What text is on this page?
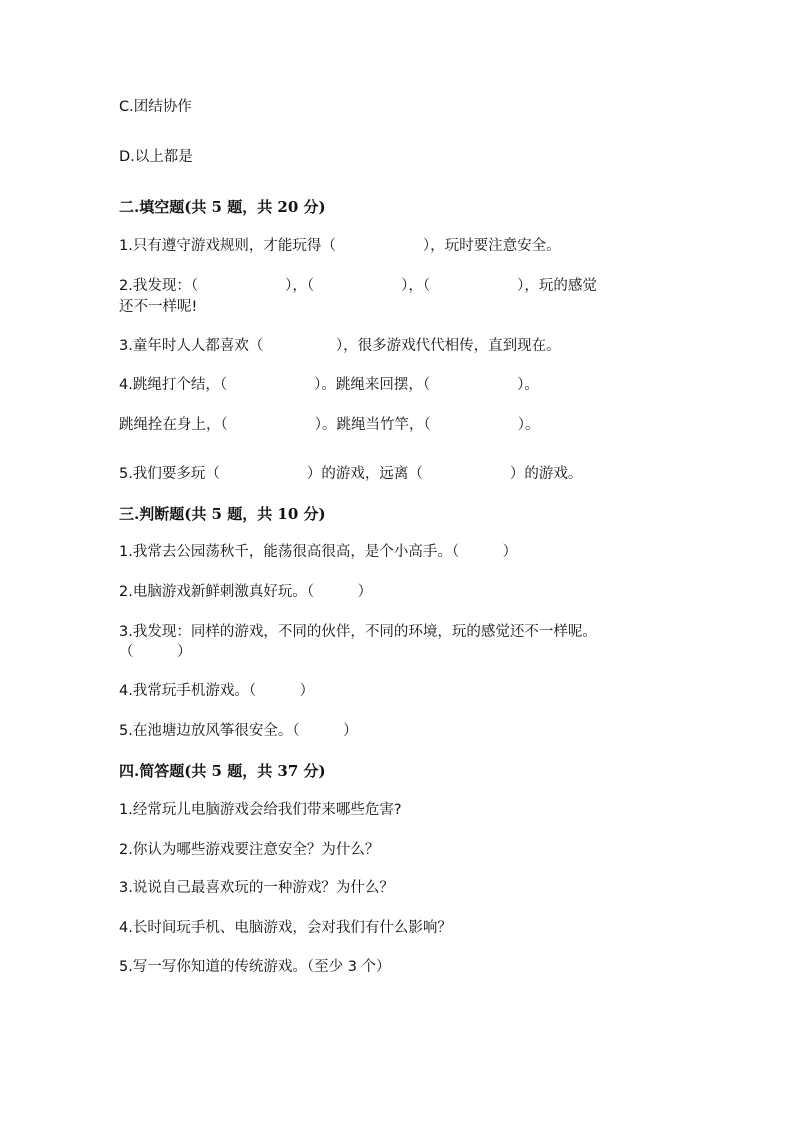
C.团结协作
D.以上都是
二.填空题(共 5 题，共 20 分)
1.只有遵守游戏规则，才能玩得（　　　　　　），玩时要注意安全。
2.我发现：（　　　　　　），（　　　　　　），（　　　　　　），玩的感觉
还不一样呢!
3.童年时人人都喜欢（　　　　　），很多游戏代代相传，直到现在。
4.跳绳打个结，（　　　　　　）。跳绳来回摆，（　　　　　　）。
跳绳拴在身上，（　　　　　　）。跳绳当竹竿，（　　　　　　）。
5.我们要多玩（　　　　　　）的游戏，远离（　　　　　　）的游戏。
三.判断题(共 5 题，共 10 分)
1.我常去公园荡秋千，能荡很高很高，是个小高手。（　　　）
2.电脑游戏新鲜刺激真好玩。（　　　）
3.我发现：同样的游戏，不同的伙伴，不同的环境，玩的感觉还不一样呢。
（　　　）
4.我常玩手机游戏。（　　　）
5.在池塘边放风筝很安全。（　　　）
四.简答题(共 5 题，共 37 分)
1.经常玩儿电脑游戏会给我们带来哪些危害?
2.你认为哪些游戏要注意安全？为什么？
3.说说自己最喜欢玩的一种游戏？为什么？
4.长时间玩手机、电脑游戏，会对我们有什么影响？
5.写一写你知道的传统游戏。（至少 3 个）
